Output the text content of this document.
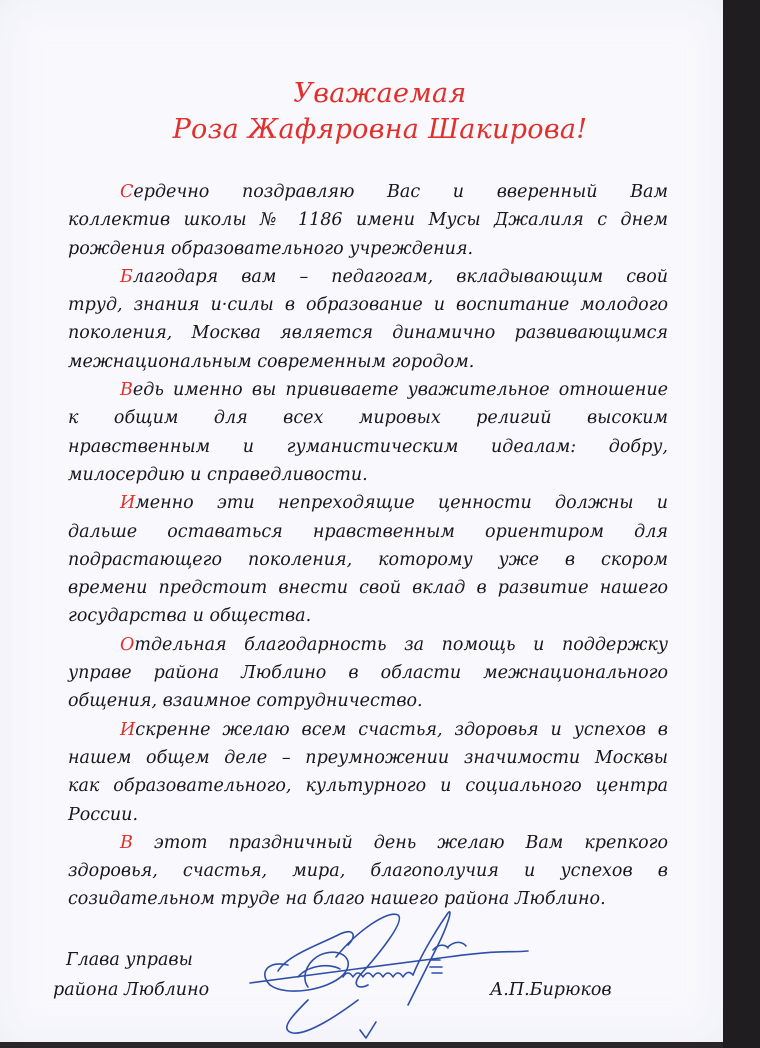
Уважаемая
Роза Жафяровна Шакирова!

Сердечно поздравляю Вас и вверенный Вам
коллектив школы № 1186 имени Мусы Джалиля с днем
рождения образовательного учреждения.

Благодаря вам – педагогам, вкладывающим свой
труд, знания и·силы в образование и воспитание молодого
поколения, Москва является динамично развивающимся
межнациональным современным городом.

Ведь именно вы прививаете уважительное отношение
к общим для всех мировых религий высоким
нравственным и гуманистическим идеалам: добру,
милосердию и справедливости.

Именно эти непреходящие ценности должны и
дальше оставаться нравственным ориентиром для
подрастающего поколения, которому уже в скором
времени предстоит внести свой вклад в развитие нашего
государства и общества.

Отдельная благодарность за помощь и поддержку
управе района Люблино в области межнационального
общения, взаимное сотрудничество.

Искренне желаю всем счастья, здоровья и успехов в
нашем общем деле – преумножении значимости Москвы
как образовательного, культурного и социального центра
России.

В этот праздничный день желаю Вам крепкого
здоровья, счастья, мира, благополучия и успехов в
созидательном труде на благо нашего района Люблино.

Глава управы
района Люблино	А.П.Бирюков
